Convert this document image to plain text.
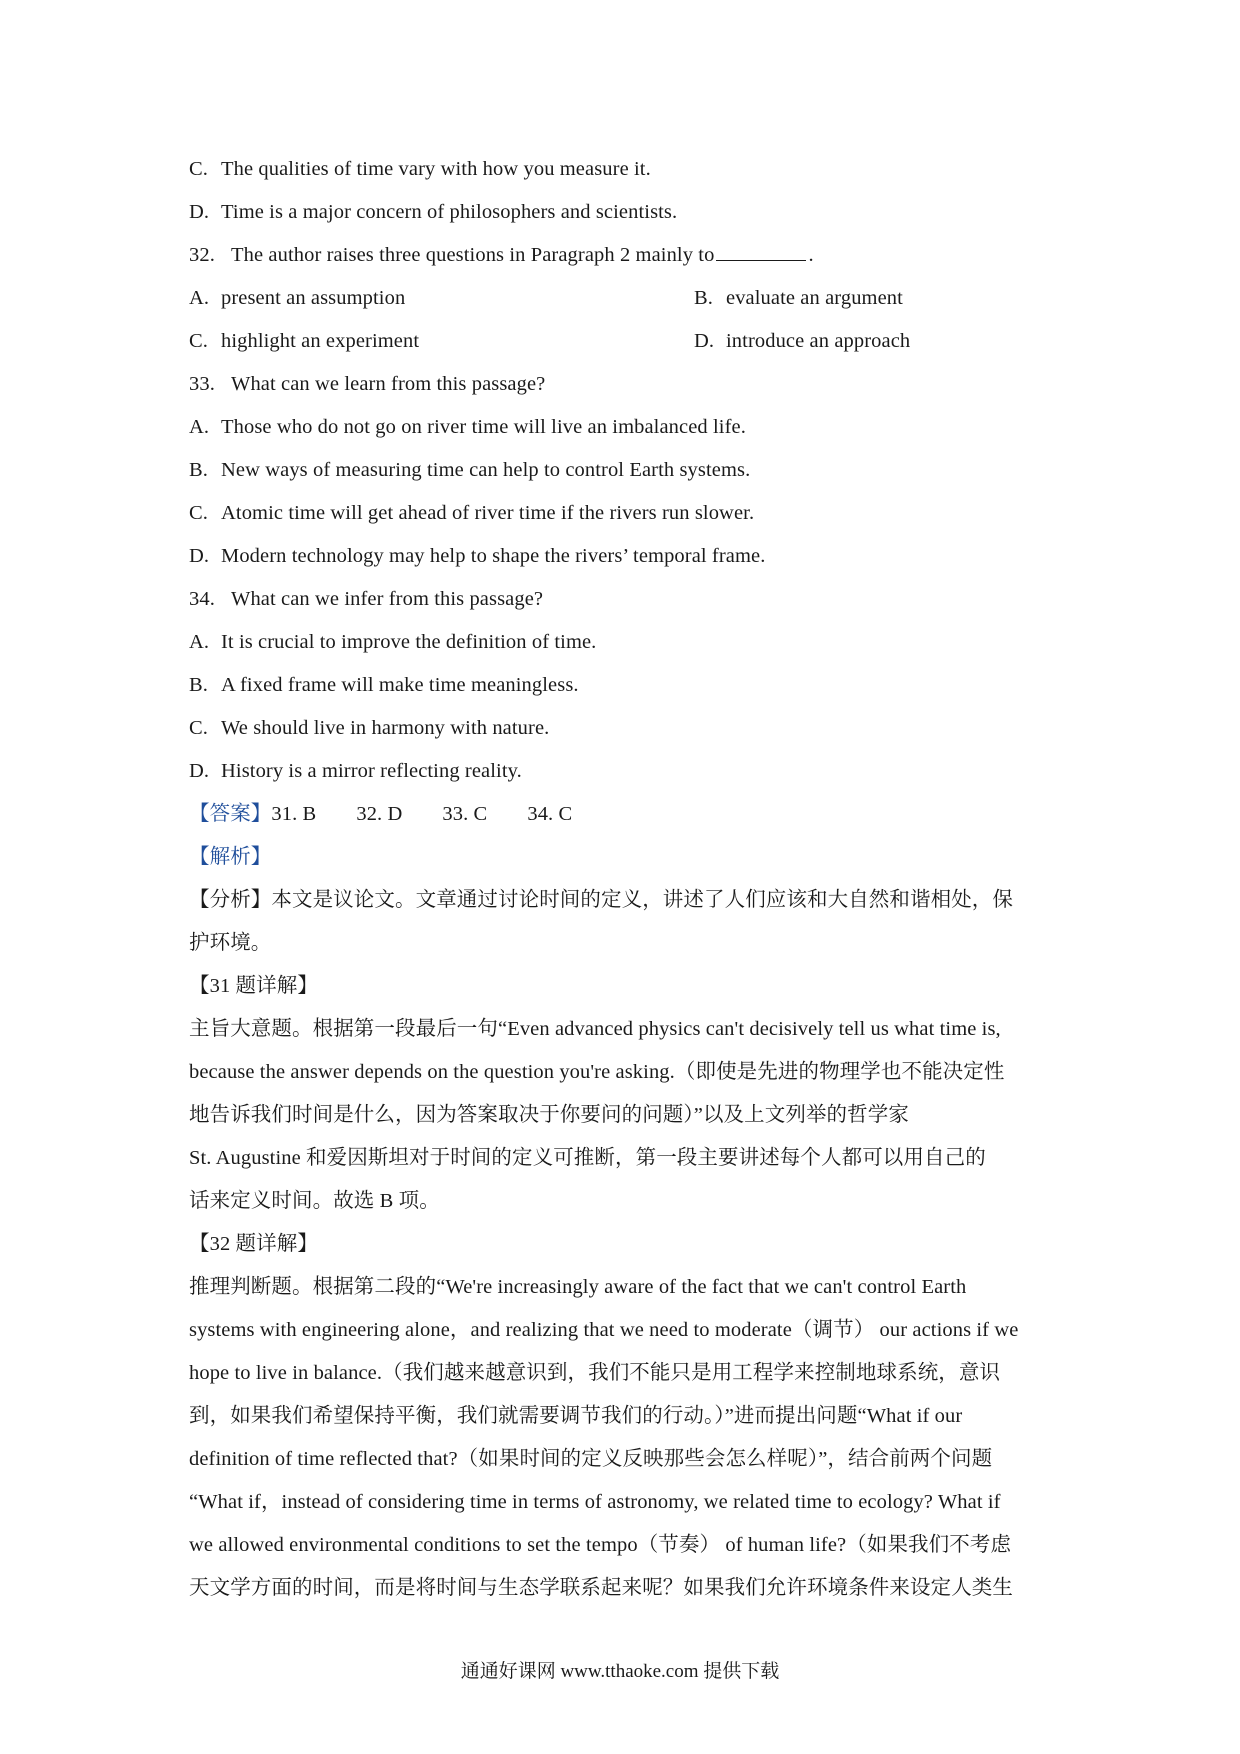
C. The qualities of time vary with how you measure it.
D. Time is a major concern of philosophers and scientists.
32. The author raises three questions in Paragraph 2 mainly to	.
A. present an assumption	B. evaluate an argument
C. highlight an experiment	D. introduce an approach
33. What can we learn from this passage?
A. Those who do not go on river time will live an imbalanced life.
B. New ways of measuring time can help to control Earth systems.
C. Atomic time will get ahead of river time if the rivers run slower.
D. Modern technology may help to shape the rivers’ temporal frame.
34. What can we infer from this passage?
A. It is crucial to improve the definition of time.
B. A fixed frame will make time meaningless.
C. We should live in harmony with nature.
D. History is a mirror reflecting reality.
【答案】31. B 32. D 33. C 34. C
【解析】
【分析】本文是议论文。文章通过讨论时间的定义，讲述了人们应该和大自然和谐相处，保
护环境。
【31 题详解】
主旨大意题。根据第一段最后一句“Even advanced physics can't decisively tell us what time is,
because the answer depends on the question you're asking.（即使是先进的物理学也不能决定性
地告诉我们时间是什么，因为答案取决于你要问的问题）”以及上文列举的哲学家
St. Augustine 和爱因斯坦对于时间的定义可推断，第一段主要讲述每个人都可以用自己的
话来定义时间。故选 B 项。
【32 题详解】
推理判断题。根据第二段的“We're increasingly aware of the fact that we can't control Earth
systems with engineering alone，and realizing that we need to moderate（调节） our actions if we
hope to live in balance.（我们越来越意识到，我们不能只是用工程学来控制地球系统，意识
到，如果我们希望保持平衡，我们就需要调节我们的行动。）”进而提出问题“What if our
definition of time reflected that?（如果时间的定义反映那些会怎么样呢）”，结合前两个问题
“What if，instead of considering time in terms of astronomy, we related time to ecology? What if
we allowed environmental conditions to set the tempo（节奏） of human life?（如果我们不考虑
天文学方面的时间，而是将时间与生态学联系起来呢？如果我们允许环境条件来设定人类生
通通好课网 www.tthaoke.com 提供下载
